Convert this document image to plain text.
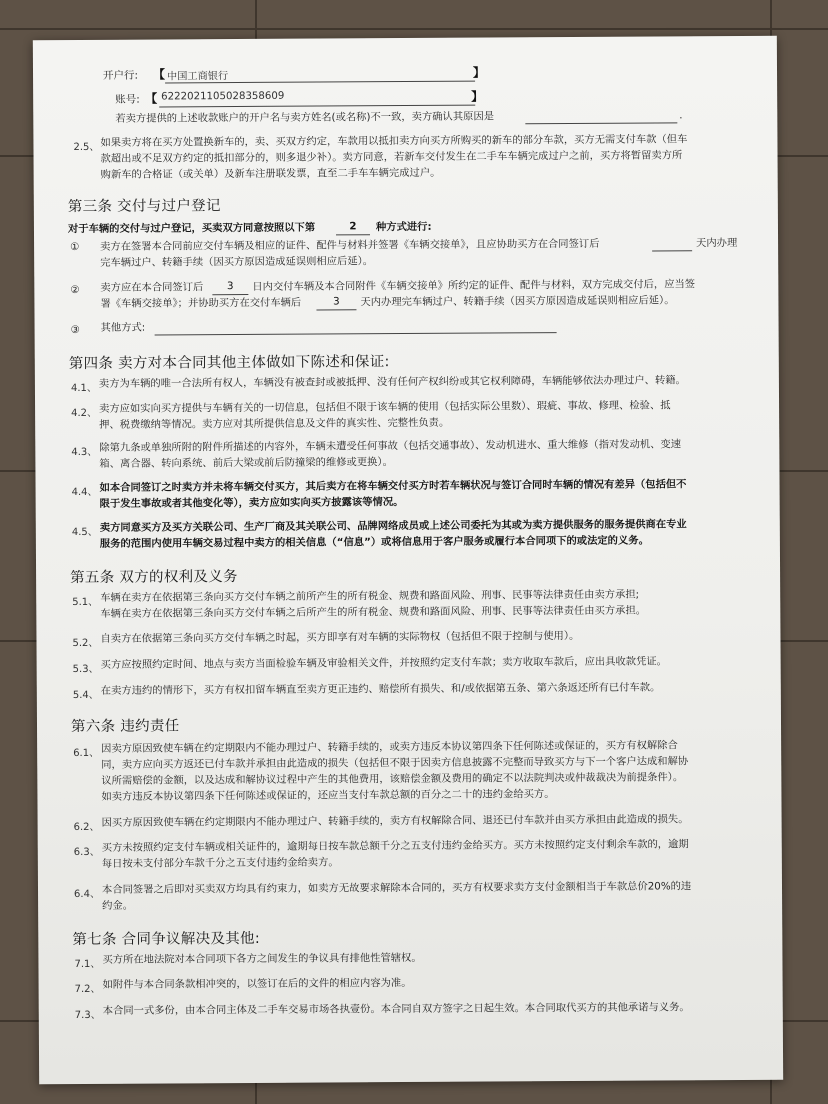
开户行: 【 中国工商银行	】
账号: 【 6222021105028358609	】
若卖方提供的上述收款账户的开户名与卖方姓名(或名称)不一致，卖方确认其原因是	.
2.5、 如果卖方将在买方处置换新车的，卖、买双方约定，车款用以抵扣卖方向买方所购买的新车的部分车款，买方无需支付车款（但车
款超出或不足双方约定的抵扣部分的，则多退少补）。卖方同意，若新车交付发生在二手车车辆完成过户之前，买方将暂留卖方所
购新车的合格证（或关单）及新车注册联发票，直至二手车车辆完成过户。
第三条 交付与过户登记
对于车辆的交付与过户登记，买卖双方同意按照以下第	2	种方式进行:
① 卖方在签署本合同前应交付车辆及相应的证件、配件与材料并签署《车辆交接单》，且应协助买方在合同签订后	天内办理
完车辆过户、转籍手续（因买方原因造成延误则相应后延）。
② 卖方应在本合同签订后	3	日内交付车辆及本合同附件《车辆交接单》所约定的证件、配件与材料，双方完成交付后，应当签
署《车辆交接单》；并协助买方在交付车辆后	3	天内办理完车辆过户、转籍手续（因买方原因造成延误则相应后延）。
③ 其他方式:
第四条 卖方对本合同其他主体做如下陈述和保证:
4.1、 卖方为车辆的唯一合法所有权人，车辆没有被查封或被抵押、没有任何产权纠纷或其它权利障碍，车辆能够依法办理过户、转籍。
4.2、 卖方应如实向买方提供与车辆有关的一切信息，包括但不限于该车辆的使用（包括实际公里数）、瑕疵、事故、修理、检验、抵
押、税费缴纳等情况。卖方应对其所提供信息及文件的真实性、完整性负责。
4.3、 除第九条或单独所附的附件所描述的内容外，车辆未遭受任何事故（包括交通事故）、发动机进水、重大维修（指对发动机、变速
箱、离合器、转向系统、前后大梁或前后防撞梁的维修或更换）。
4.4、 如本合同签订之时卖方并未将车辆交付买方，其后卖方在将车辆交付买方时若车辆状况与签订合同时车辆的情况有差异（包括但不
限于发生事故或者其他变化等），卖方应如实向买方披露该等情况。
4.5、 卖方同意买方及买方关联公司、生产厂商及其关联公司、品牌网络成员或上述公司委托为其或为卖方提供服务的服务提供商在专业
服务的范围内使用车辆交易过程中卖方的相关信息（“信息”）或将信息用于客户服务或履行本合同项下的或法定的义务。
第五条 双方的权利及义务
5.1、 车辆在卖方在依据第三条向买方交付车辆之前所产生的所有税金、规费和路面风险、刑事、民事等法律责任由卖方承担;
车辆在卖方在依据第三条向买方交付车辆之后所产生的所有税金、规费和路面风险、刑事、民事等法律责任由买方承担。
5.2、 自卖方在依据第三条向买方交付车辆之时起，买方即享有对车辆的实际物权（包括但不限于控制与使用）。
5.3、 买方应按照约定时间、地点与卖方当面检验车辆及审验相关文件，并按照约定支付车款；卖方收取车款后，应出具收款凭证。
5.4、 在卖方违约的情形下，买方有权扣留车辆直至卖方更正违约、赔偿所有损失、和/或依据第五条、第六条返还所有已付车款。
第六条 违约责任
6.1、 因卖方原因致使车辆在约定期限内不能办理过户、转籍手续的，或卖方违反本协议第四条下任何陈述或保证的，买方有权解除合
同，卖方应向买方返还已付车款并承担由此造成的损失（包括但不限于因卖方信息披露不完整而导致买方与下一个客户达成和解协
议所需赔偿的金额，以及达成和解协议过程中产生的其他费用，该赔偿金额及费用的确定不以法院判决或仲裁裁决为前提条件）。
如卖方违反本协议第四条下任何陈述或保证的，还应当支付车款总额的百分之二十的违约金给买方。
6.2、 因买方原因致使车辆在约定期限内不能办理过户、转籍手续的，卖方有权解除合同、退还已付车款并由买方承担由此造成的损失。
6.3、 买方未按照约定支付车辆或相关证件的，逾期每日按车款总额千分之五支付违约金给买方。买方未按照约定支付剩余车款的，逾期
每日按未支付部分车款千分之五支付违约金给卖方。
6.4、 本合同签署之后即对买卖双方均具有约束力，如卖方无故要求解除本合同的，买方有权要求卖方支付金额相当于车款总价20%的违
约金。
第七条 合同争议解决及其他:
7.1、 买方所在地法院对本合同项下各方之间发生的争议具有排他性管辖权。
7.2、 如附件与本合同条款相冲突的，以签订在后的文件的相应内容为准。
7.3、 本合同一式多份，由本合同主体及二手车交易市场各执壹份。本合同自双方签字之日起生效。本合同取代买方的其他承诺与义务。
